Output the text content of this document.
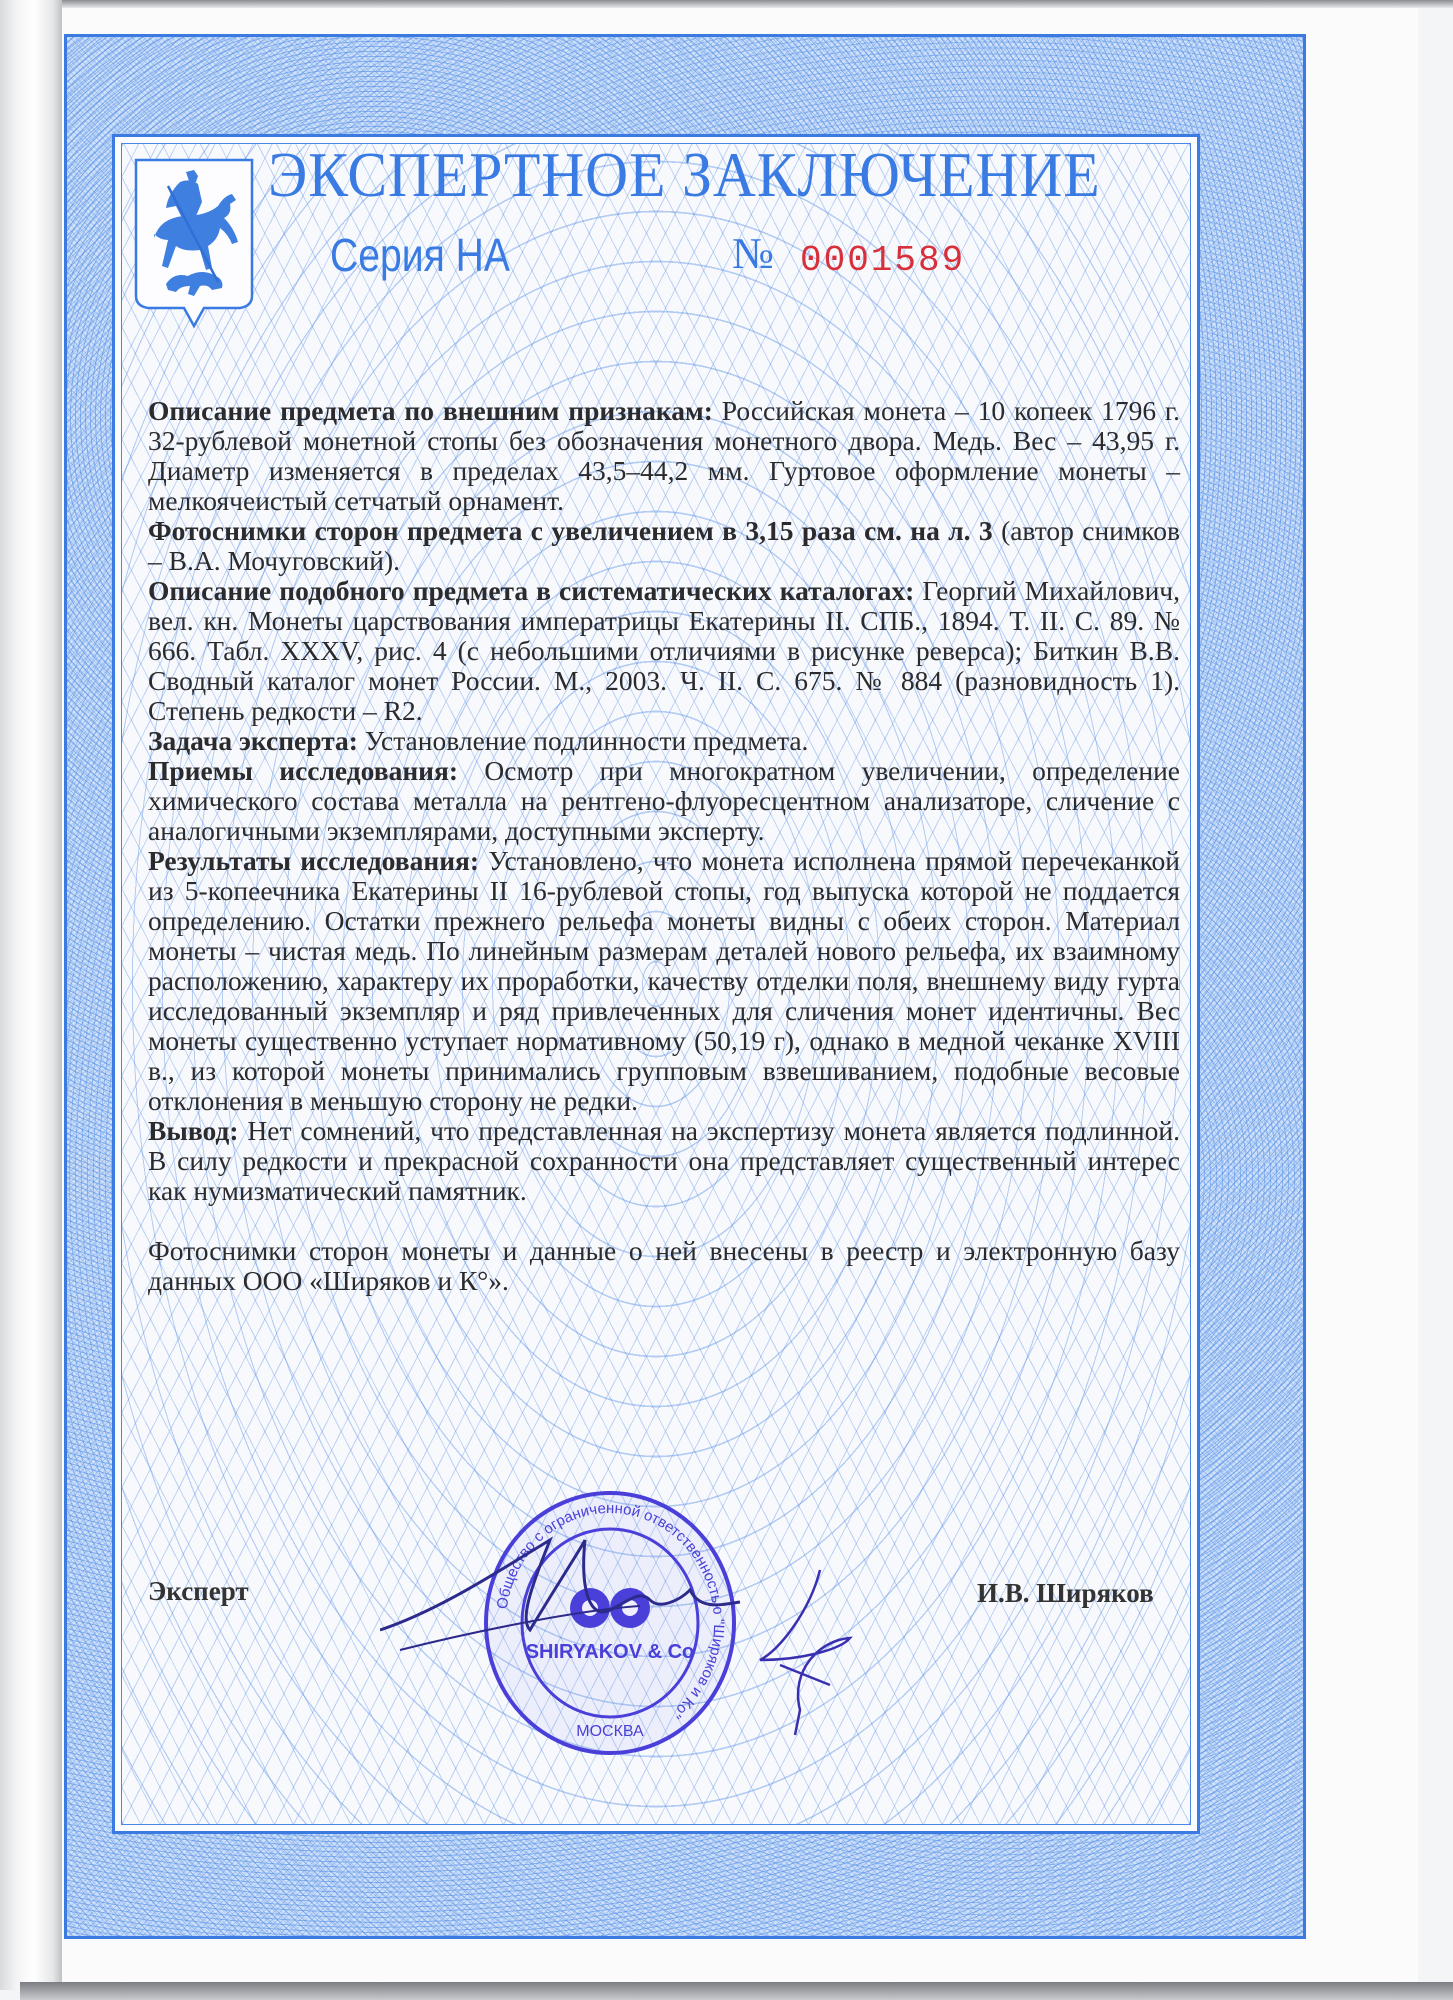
ЭКСПЕРТНОЕ ЗАКЛЮЧЕНИЕ
Серия НА	№ 0001589

Описание предмета по внешним признакам: Российская монета – 10 копеек 1796 г. 32-рублевой монетной стопы без обозначения монетного двора. Медь. Вес – 43,95 г. Диаметр изменяется в пределах 43,5–44,2 мм. Гуртовое оформление монеты – мелкоячеистый сетчатый орнамент.

Фотоснимки сторон предмета с увеличением в 3,15 раза см. на л. 3 (автор снимков – В.А. Мочуговский).

Описание подобного предмета в систематических каталогах: Георгий Михайлович, вел. кн. Монеты царствования императрицы Екатерины II. СПБ., 1894. Т. II. С. 89. № 666. Табл. XXXV, рис. 4 (с небольшими отличиями в рисунке реверса); Биткин В.В. Сводный каталог монет России. М., 2003. Ч. II. С. 675. № 884 (разновидность 1). Степень редкости – R2.

Задача эксперта: Установление подлинности предмета.

Приемы исследования: Осмотр при многократном увеличении, определение химического состава металла на рентгено-флуоресцентном анализаторе, сличение с аналогичными экземплярами, доступными эксперту.

Результаты исследования: Установлено, что монета исполнена прямой перечеканкой из 5-копеечника Екатерины II 16-рублевой стопы, год выпуска которой не поддается определению. Остатки прежнего рельефа монеты видны с обеих сторон. Материал монеты – чистая медь. По линейным размерам деталей нового рельефа, их взаимному расположению, характеру их проработки, качеству отделки поля, внешнему виду гурта исследованный экземпляр и ряд привлеченных для сличения монет идентичны. Вес монеты существенно уступает нормативному (50,19 г), однако в медной чеканке XVIII в., из которой монеты принимались групповым взвешиванием, подобные весовые отклонения в меньшую сторону не редки.

Вывод: Нет сомнений, что представленная на экспертизу монета является подлинной. В силу редкости и прекрасной сохранности она представляет существенный интерес как нумизматический памятник.

Фотоснимки сторон монеты и данные о ней внесены в реестр и электронную базу данных ООО «Ширяков и К°».

Эксперт	И.В. Ширяков
Общество с ограниченной ответственностью "Ширяков и Ко"
МОСКВА
SHIRYAKOV & Co
